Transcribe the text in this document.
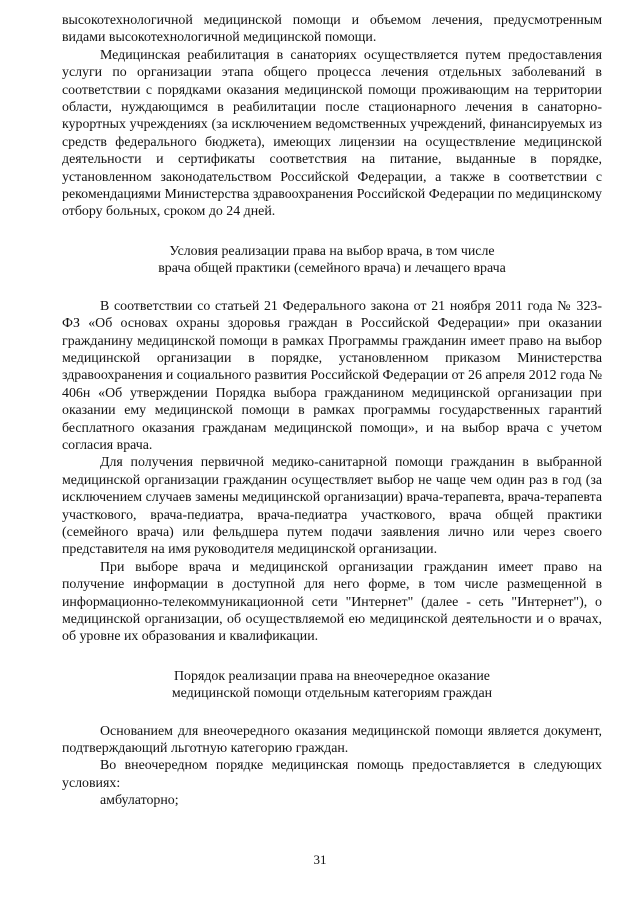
высокотехнологичной медицинской помощи и объемом лечения, предусмотренным видами высокотехнологичной медицинской помощи.

Медицинская реабилитация в санаториях осуществляется путем предоставления услуги по организации этапа общего процесса лечения отдельных заболеваний в соответствии с порядками оказания медицинской помощи проживающим на территории области, нуждающимся в реабилитации после стационарного лечения в санаторно-курортных учреждениях (за исключением ведомственных учреждений, финансируемых из средств федерального бюджета), имеющих лицензии на осуществление медицинской деятельности и сертификаты соответствия на питание, выданные в порядке, установленном законодательством Российской Федерации, а также в соответствии с рекомендациями Министерства здравоохранения Российской Федерации по медицинскому отбору больных, сроком до 24 дней.

Условия реализации права на выбор врача, в том числе
врача общей практики (семейного врача) и лечащего врача

В соответствии со статьей 21 Федерального закона от 21 ноября 2011 года № 323-ФЗ «Об основах охраны здоровья граждан в Российской Федерации» при оказании гражданину медицинской помощи в рамках Программы гражданин имеет право на выбор медицинской организации в порядке, установленном приказом Министерства здравоохранения и социального развития Российской Федерации от 26 апреля 2012 года № 406н «Об утверждении Порядка выбора гражданином медицинской организации при оказании ему медицинской помощи в рамках программы государственных гарантий бесплатного оказания гражданам медицинской помощи», и на выбор врача с учетом согласия врача.

Для получения первичной медико-санитарной помощи гражданин в выбранной медицинской организации гражданин осуществляет выбор не чаще чем один раз в год (за исключением случаев замены медицинской организации) врача-терапевта, врача-терапевта участкового, врача-педиатра, врача-педиатра участкового, врача общей практики (семейного врача) или фельдшера путем подачи заявления лично или через своего представителя на имя руководителя медицинской организации.

При выборе врача и медицинской организации гражданин имеет право на получение информации в доступной для него форме, в том числе размещенной в информационно-телекоммуникационной сети "Интернет" (далее - сеть "Интернет"), о медицинской организации, об осуществляемой ею медицинской деятельности и о врачах, об уровне их образования и квалификации.

Порядок реализации права на внеочередное оказание
медицинской помощи отдельным категориям граждан

Основанием для внеочередного оказания медицинской помощи является документ, подтверждающий льготную категорию граждан.

Во внеочередном порядке медицинская помощь предоставляется в следующих условиях:

амбулаторно;

31
